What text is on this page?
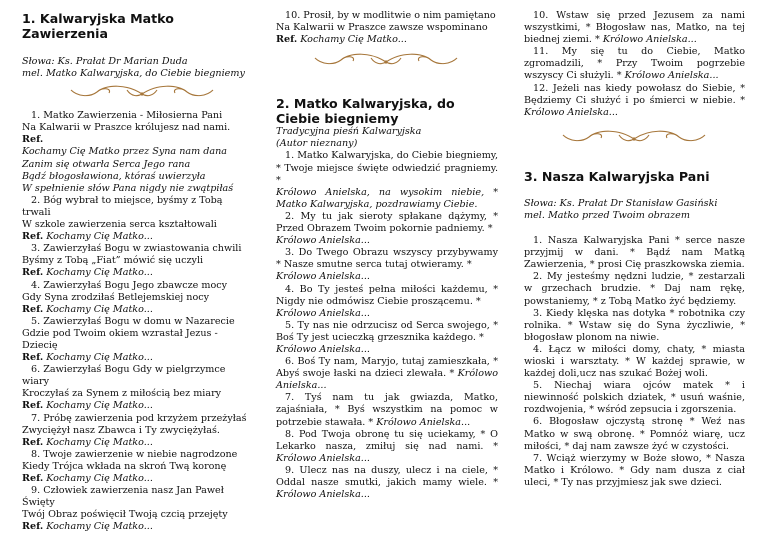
1. Kalwaryjska Matko Zawierzenia
Słowa: Ks. Prałat Dr Marian Duda
mel. Matko Kalwaryjska, do Ciebie biegniemy
1. Matko Zawierzenia - Miłosierna Pani
Na Kalwarii w Praszce królujesz nad nami.
Ref.
Kochamy Cię Matko przez Syna nam dana
Zanim się otwarła Serca Jego rana
Bądź błogosławiona, któraś uwierzyła
W spełnienie słów Pana nigdy nie zwątpiłaś
2. Bóg wybrał to miejsce, byśmy z Tobą
trwali
W szkole zawierzenia serca kształtowali
Ref. Kochamy Cię Matko...
3. Zawierzyłaś Bogu w zwiastowania chwili
Byśmy z Tobą „Fiat” mówić się uczyli
Ref. Kochamy Cię Matko...
4. Zawierzyłaś Bogu Jego zbawcze mocy
Gdy Syna zrodziłaś Betlejemskiej nocy
Ref. Kochamy Cię Matko...
5. Zawierzyłaś Bogu w domu w Nazarecie
Gdzie pod Twoim okiem wzrastał Jezus -
Dziecię
Ref. Kochamy Cię Matko...
6. Zawierzyłaś Bogu Gdy w pielgrzymce
wiary
Kroczyłaś za Synem z miłością bez miary
Ref. Kochamy Cię Matko...
7. Próbę zawierzenia pod krzyżem przeżyłaś
Zwyciężył nasz Zbawca i Ty zwyciężyłaś.
Ref. Kochamy Cię Matko...
8. Twoje zawierzenie w niebie nagrodzone
Kiedy Trójca wkłada na skroń Twą koronę
Ref. Kochamy Cię Matko...
9. Człowiek zawierzenia nasz Jan Paweł
Święty
Twój Obraz poświęcił Twoją czcią przejęty
Ref. Kochamy Cię Matko...
10. Prosił, by w modlitwie o nim pamiętano
Na Kalwarii w Praszce zawsze wspominano
Ref. Kochamy Cię Matko...
2. Matko Kalwaryjska, do Ciebie biegniemy
Tradycyjna pieśń Kalwaryjska
(Autor nieznany)
1. Matko Kalwaryjska, do Ciebie biegniemy, * Twoje miejsce święte odwiedzić pragniemy. *
Królowo Anielska, na wysokim niebie, * Matko Kalwaryjska, pozdrawiamy Ciebie.
2. My tu jak sieroty spłakane dążymy, * Przed Obrazem Twoim pokornie padniemy. *
Królowo Anielska...
3. Do Twego Obrazu wszyscy przybywamy * Nasze smutne serca tutaj otwieramy. *
Królowo Anielska...
4. Bo Ty jesteś pełna miłości każdemu, * Nigdy nie odmówisz Ciebie proszącemu. *
Królowo Anielska...
5. Ty nas nie odrzucisz od Serca swojego, * Boś Ty jest ucieczką grzesznika każdego. *
Królowo Anielska...
6. Boś Ty nam, Maryjo, tutaj zamieszkała, * Abyś swoje łaski na dzieci zlewała. * Królowo Anielska...
7. Tyś nam tu jak gwiazda, Matko, zajaśniała, * Byś wszystkim na pomoc w potrzebie stawała. * Królowo Anielska...
8. Pod Twoja obronę tu się uciekamy, * O Lekarko nasza, zmiłuj się nad nami. * Królowo Anielska...
9. Ulecz nas na duszy, ulecz i na ciele, * Oddal nasze smutki, jakich mamy wiele. * Królowo Anielska...
10. Wstaw się przed Jezusem za nami wszystkimi, * Błogosław nas, Matko, na tej biednej ziemi. * Królowo Anielska...
11. My się tu do Ciebie, Matko zgromadzili, * Przy Twoim pogrzebie wszyscy Ci służyli. * Królowo Anielska...
12. Jeżeli nas kiedy powołasz do Siebie, * Będziemy Ci służyć i po śmierci w niebie. * Królowo Anielska...
3. Nasza Kalwaryjska Pani
Słowa: Ks. Prałat Dr Stanisław Gasiński
mel. Matko przed Twoim obrazem
1. Nasza Kalwaryjska Pani * serce nasze przyjmij w dani. * Bądź nam Matką Zawierzenia, * prosi Cię praszkowska ziemia.
2. My jesteśmy nędzni ludzie, * zestarzali w grzechach brudzie. * Daj nam rękę, powstaniemy, * z Tobą Matko żyć będziemy.
3. Kiedy klęska nas dotyka * robotnika czy rolnika. * Wstaw się do Syna życzliwie, * błogosław plonom na niwie.
4. Łącz w miłości domy, chaty, * miasta wioski i warsztaty. * W każdej sprawie, w każdej doli,ucz nas szukać Bożej woli.
5. Niechaj wiara ojców matek * i niewinność polskich dziatek, * usuń waśnie, rozdwojenia, * wśród zepsucia i zgorszenia.
6. Błogosław ojczystą stronę * Weź nas Matko w swą obronę. * Pomnóż wiarę, ucz miłości, * daj nam zawsze żyć w czystości.
7. Wciąż wierzymy w Boże słowo, * Nasza Matko i Królowo. * Gdy nam dusza z ciał uleci, * Ty nas przyjmiesz jak swe dzieci.
